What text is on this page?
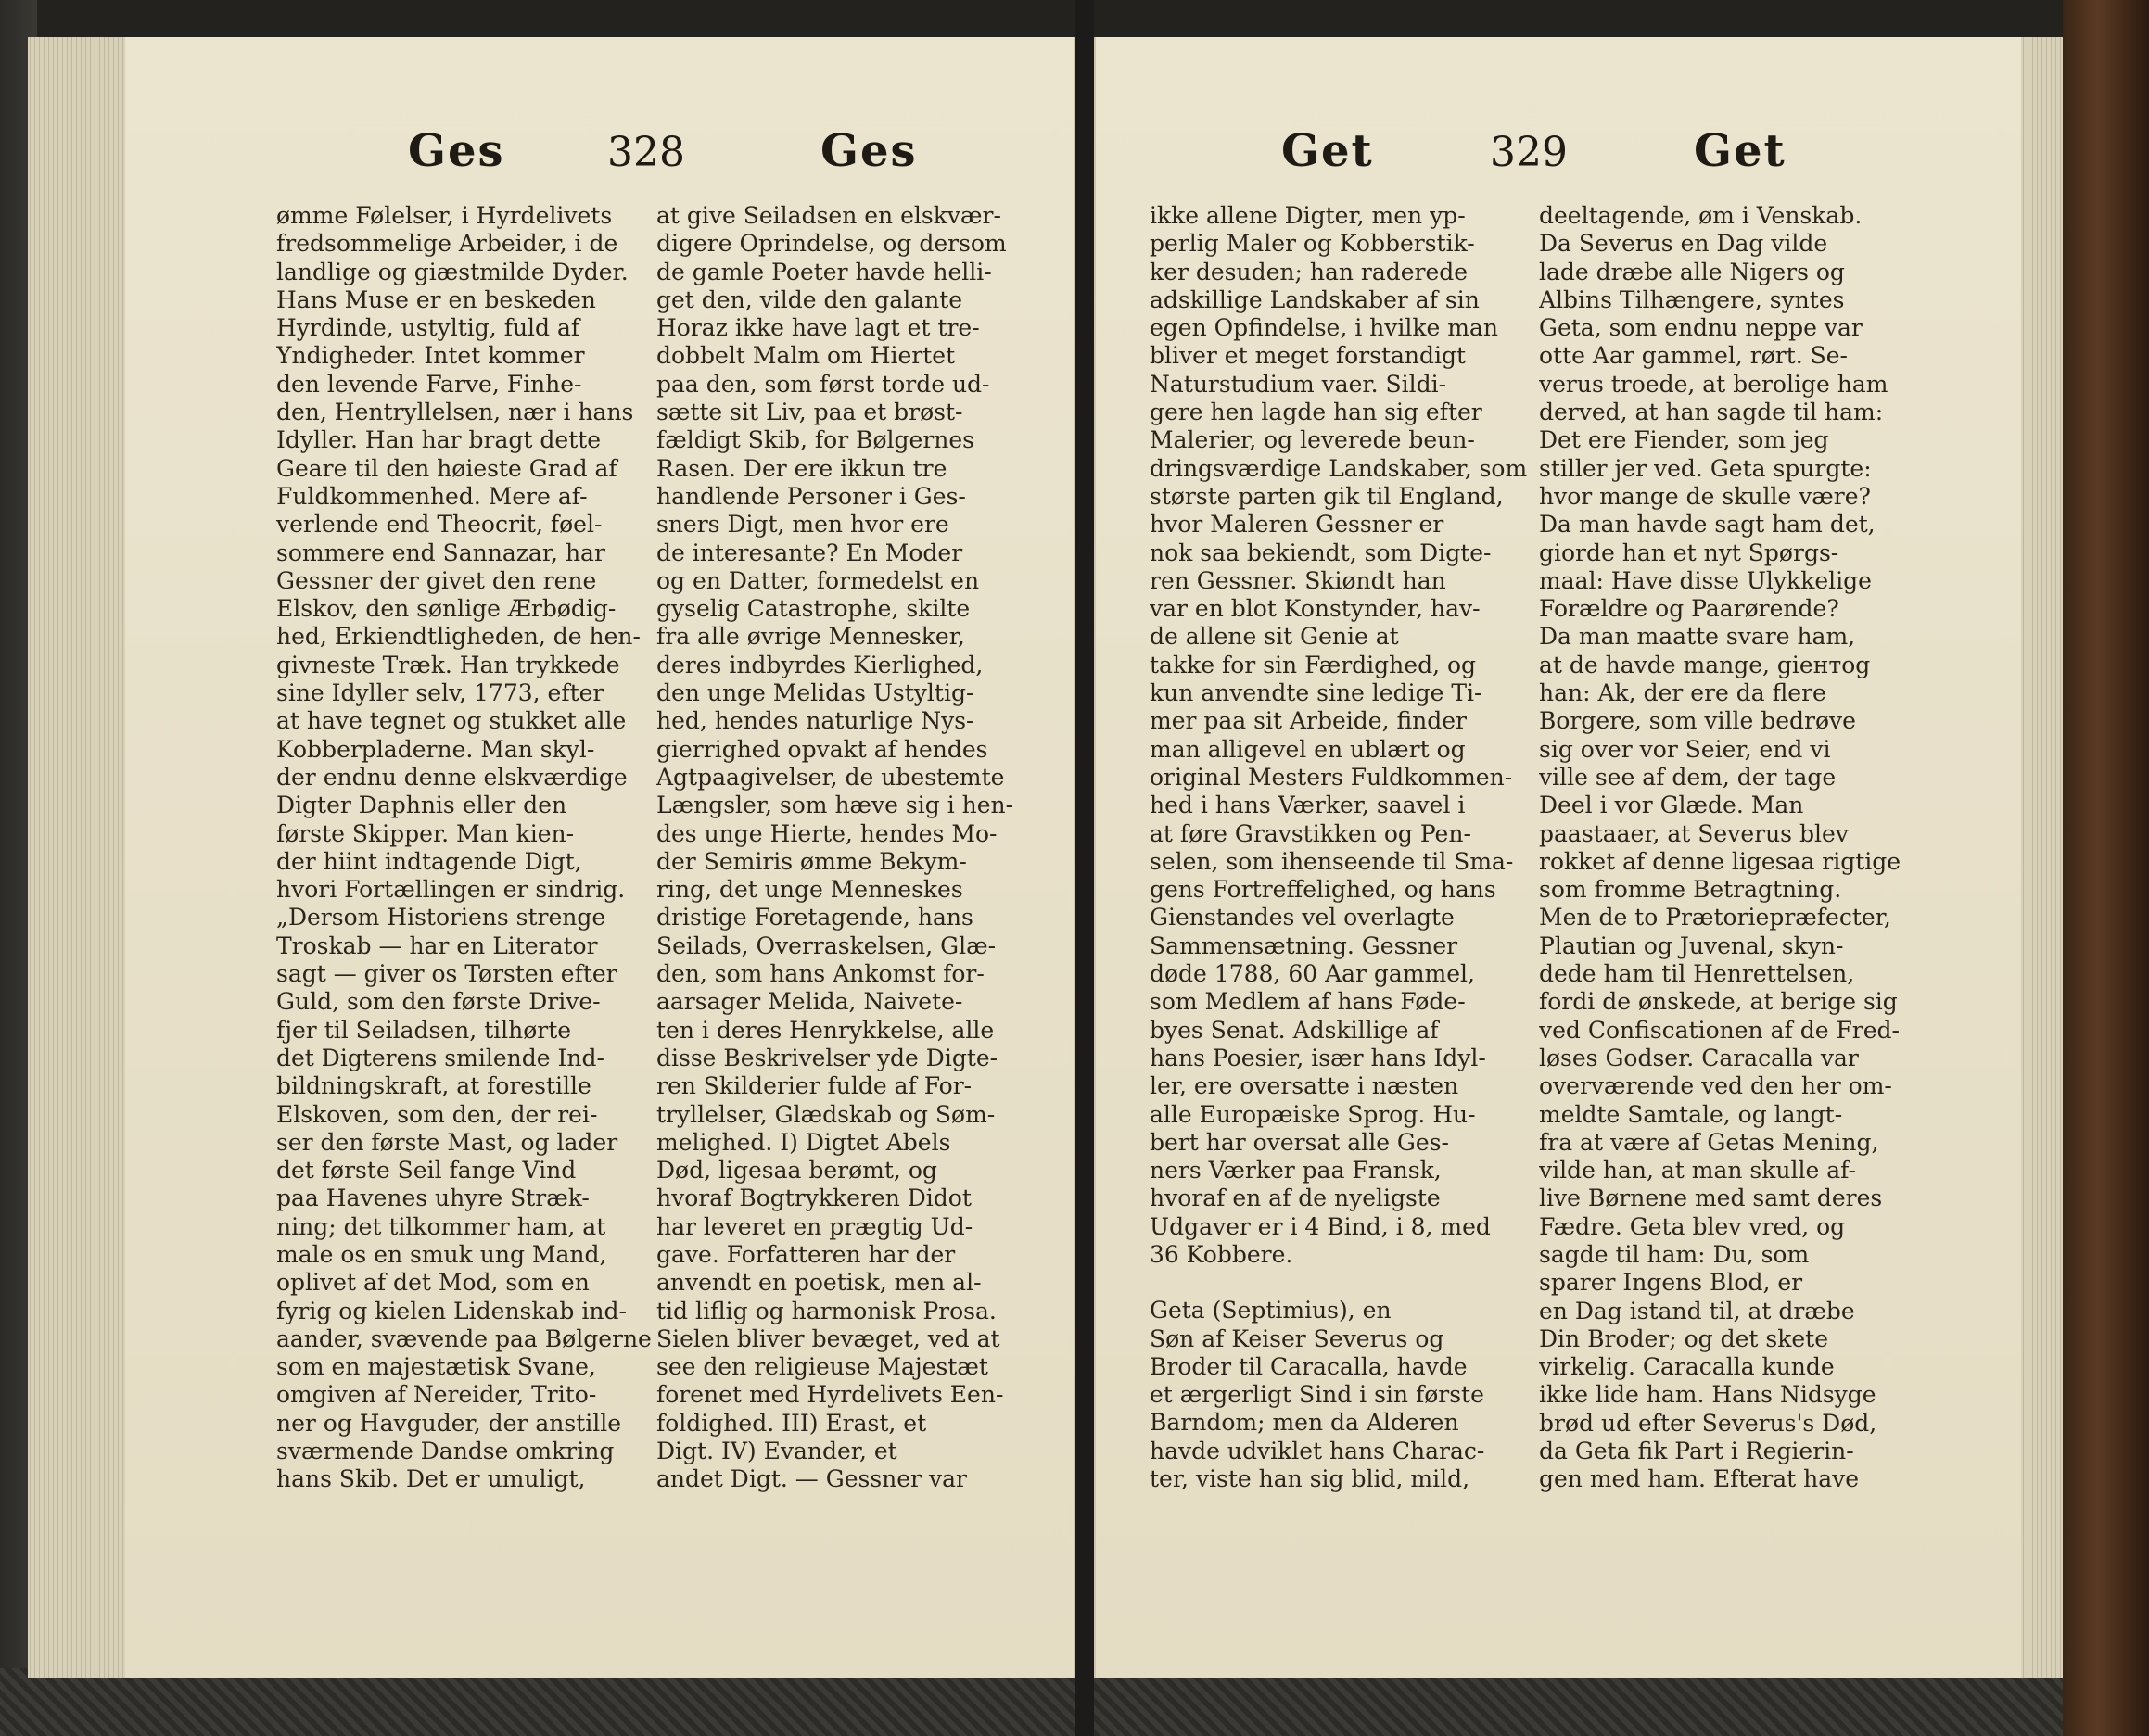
Ges	328	Ges
ømme Følelser, i Hyrdelivets
fredsommelige Arbeider, i de
landlige og giæstmilde Dyder.
Hans Muse er en beskeden
Hyrdinde, ustyltig, fuld af
Yndigheder. Intet kommer
den levende Farve, Finhe-
den, Hentryllelsen, nær i hans
Idyller. Han har bragt dette
Geare til den høieste Grad af
Fuldkommenhed. Mere af-
verlende end Theocrit, føel-
sommere end Sannazar, har
Gessner der givet den rene
Elskov, den sønlige Ærbødig-
hed, Erkiendtligheden, de hen-
givneste Træk. Han trykkede
sine Idyller selv, 1773, efter
at have tegnet og stukket alle
Kobberpladerne. Man skyl-
der endnu denne elskværdige
Digter Daphnis eller den
første Skipper. Man kien-
der hiint indtagende Digt,
hvori Fortællingen er sindrig.
„Dersom Historiens strenge
Troskab — har en Literator
sagt — giver os Tørsten efter
Guld, som den første Drive-
fjer til Seiladsen, tilhørte
det Digterens smilende Ind-
bildningskraft, at forestille
Elskoven, som den, der rei-
ser den første Mast, og lader
det første Seil fange Vind
paa Havenes uhyre Stræk-
ning; det tilkommer ham, at
male os en smuk ung Mand,
oplivet af det Mod, som en
fyrig og kielen Lidenskab ind-
aander, svævende paa Bølgerne
som en majestætisk Svane,
omgiven af Nereider, Trito-
ner og Havguder, der anstille
sværmende Dandse omkring
hans Skib. Det er umuligt,
at give Seiladsen en elskvær-
digere Oprindelse, og dersom
de gamle Poeter havde helli-
get den, vilde den galante
Horaz ikke have lagt et tre-
dobbelt Malm om Hiertet
paa den, som først torde ud-
sætte sit Liv, paa et brøst-
fældigt Skib, for Bølgernes
Rasen. Der ere ikkun tre
handlende Personer i Ges-
sners Digt, men hvor ere
de interesante? En Moder
og en Datter, formedelst en
gyselig Catastrophe, skilte
fra alle øvrige Mennesker,
deres indbyrdes Kierlighed,
den unge Melidas Ustyltig-
hed, hendes naturlige Nys-
gierrighed opvakt af hendes
Agtpaagivelser, de ubestemte
Længsler, som hæve sig i hen-
des unge Hierte, hendes Mo-
der Semiris ømme Bekym-
ring, det unge Menneskes
dristige Foretagende, hans
Seilads, Overraskelsen, Glæ-
den, som hans Ankomst for-
aarsager Melida, Naivete-
ten i deres Henrykkelse, alle
disse Beskrivelser yde Digte-
ren Skilderier fulde af For-
tryllelser, Glædskab og Søm-
melighed. I) Digtet Abels
Død, ligesaa berømt, og
hvoraf Bogtrykkeren Didot
har leveret en prægtig Ud-
gave. Forfatteren har der
anvendt en poetisk, men al-
tid liflig og harmonisk Prosa.
Sielen bliver bevæget, ved at
see den religieuse Majestæt
forenet med Hyrdelivets Een-
foldighed. III) Erast, et
Digt. IV) Evander, et
andet Digt. — Gessner var
Get	329	Get
ikke allene Digter, men yp-
perlig Maler og Kobberstik-
ker desuden; han raderede
adskillige Landskaber af sin
egen Opfindelse, i hvilke man
bliver et meget forstandigt
Naturstudium vaer. Sildi-
gere hen lagde han sig efter
Malerier, og leverede beun-
dringsværdige Landskaber, som
største parten gik til England,
hvor Maleren Gessner er
nok saa bekiendt, som Digte-
ren Gessner. Skiøndt han
var en blot Konstynder, hav-
de allene sit Genie at
takke for sin Færdighed, og
kun anvendte sine ledige Ti-
mer paa sit Arbeide, finder
man alligevel en ublært og
original Mesters Fuldkommen-
hed i hans Værker, saavel i
at føre Gravstikken og Pen-
selen, som ihenseende til Sma-
gens Fortreffelighed, og hans
Gienstandes vel overlagte
Sammensætning. Gessner
døde 1788, 60 Aar gammel,
som Medlem af hans Føde-
byes Senat. Adskillige af
hans Poesier, især hans Idyl-
ler, ere oversatte i næsten
alle Europæiske Sprog. Hu-
bert har oversat alle Ges-
ners Værker paa Fransk,
hvoraf en af de nyeligste
Udgaver er i 4 Bind, i 8, med
36 Kobbere.
Geta (Septimius), en
Søn af Keiser Severus og
Broder til Caracalla, havde
et ærgerligt Sind i sin første
Barndom; men da Alderen
havde udviklet hans Charac-
ter, viste han sig blid, mild,
deeltagende, øm i Venskab.
Da Severus en Dag vilde
lade dræbe alle Nigers og
Albins Tilhængere, syntes
Geta, som endnu neppe var
otte Aar gammel, rørt. Se-
verus troede, at berolige ham
derved, at han sagde til ham:
Det ere Fiender, som jeg
stiller jer ved. Geta spurgte:
hvor mange de skulle være?
Da man havde sagt ham det,
giorde han et nyt Spørgs-
maal: Have disse Ulykkelige
Forældre og Paarørende?
Da man maatte svare ham,
at de havde mange, giентog
han: Ak, der ere da flere
Borgere, som ville bedrøve
sig over vor Seier, end vi
ville see af dem, der tage
Deel i vor Glæde. Man
paastaaer, at Severus blev
rokket af denne ligesaa rigtige
som fromme Betragtning.
Men de to Prætoriepræfecter,
Plautian og Juvenal, skyn-
dede ham til Henrettelsen,
fordi de ønskede, at berige sig
ved Confiscationen af de Fred-
løses Godser. Caracalla var
overværende ved den her om-
meldte Samtale, og langt-
fra at være af Getas Mening,
vilde han, at man skulle af-
live Børnene med samt deres
Fædre. Geta blev vred, og
sagde til ham: Du, som
sparer Ingens Blod, er
en Dag istand til, at dræbe
Din Broder; og det skete
virkelig. Caracalla kunde
ikke lide ham. Hans Nidsyge
brød ud efter Severus's Død,
da Geta fik Part i Regierin-
gen med ham. Efterat have
